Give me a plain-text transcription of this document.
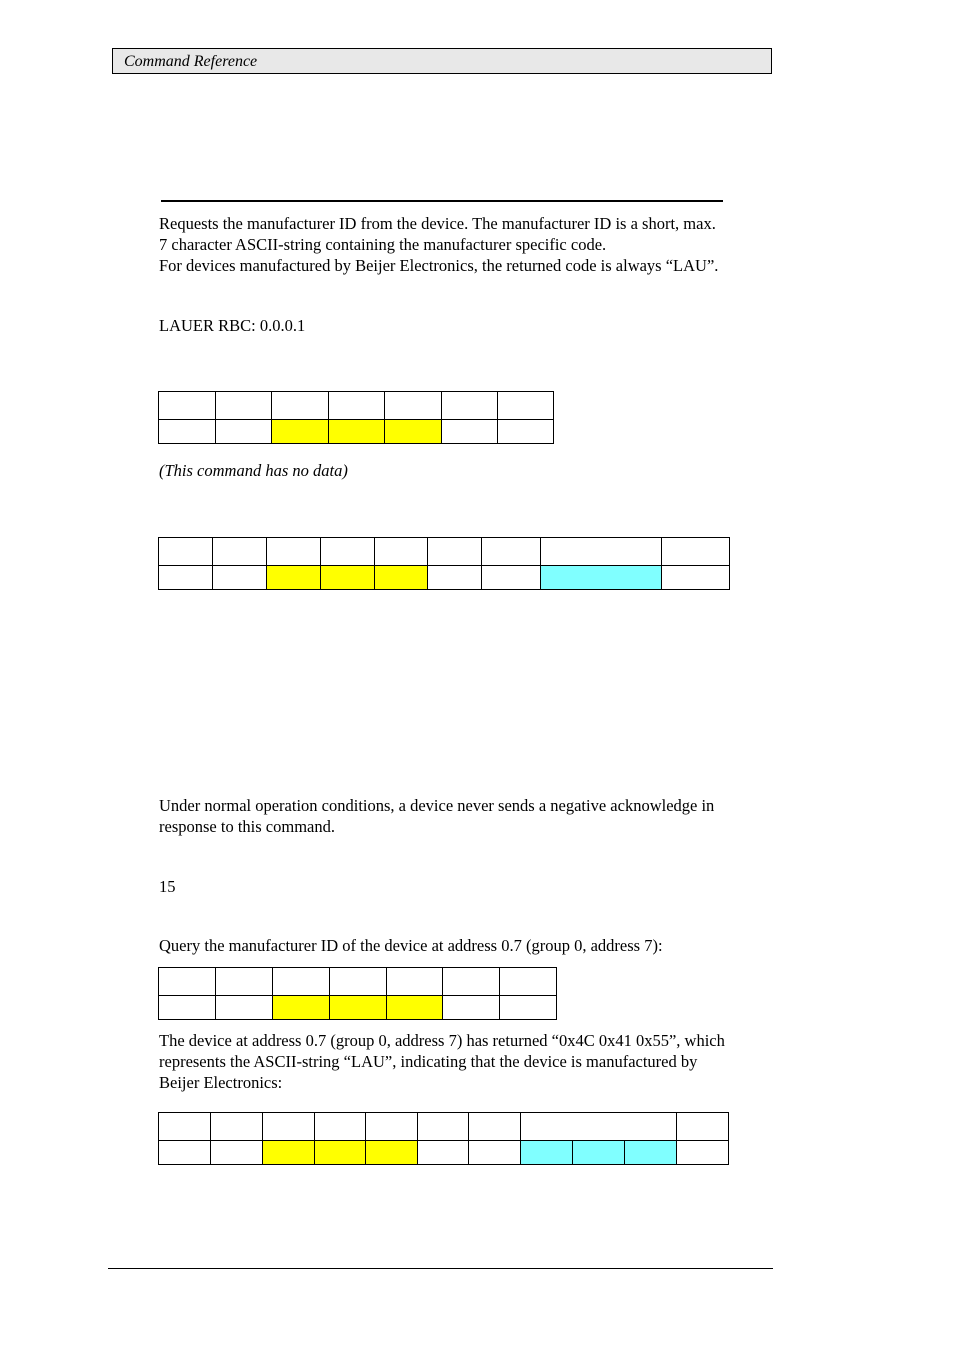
Command Reference

Requests the manufacturer ID from the device. The manufacturer ID is a short, max.

7 character ASCII-string containing the manufacturer specific code.

For devices manufactured by Beijer Electronics, the returned code is always “LAU”.

LAUER RBC: 0.0.0.1

(This command has no data)

Under normal operation conditions, a device never sends a negative acknowledge in

response to this command.

15
Query the manufacturer ID of the device at address 0.7 (group 0, address 7):

The device at address 0.7 (group 0, address 7) has returned “0x4C 0x41 0x55”, which

represents the ASCII-string “LAU”, indicating that the device is manufactured by

Beijer Electronics:
